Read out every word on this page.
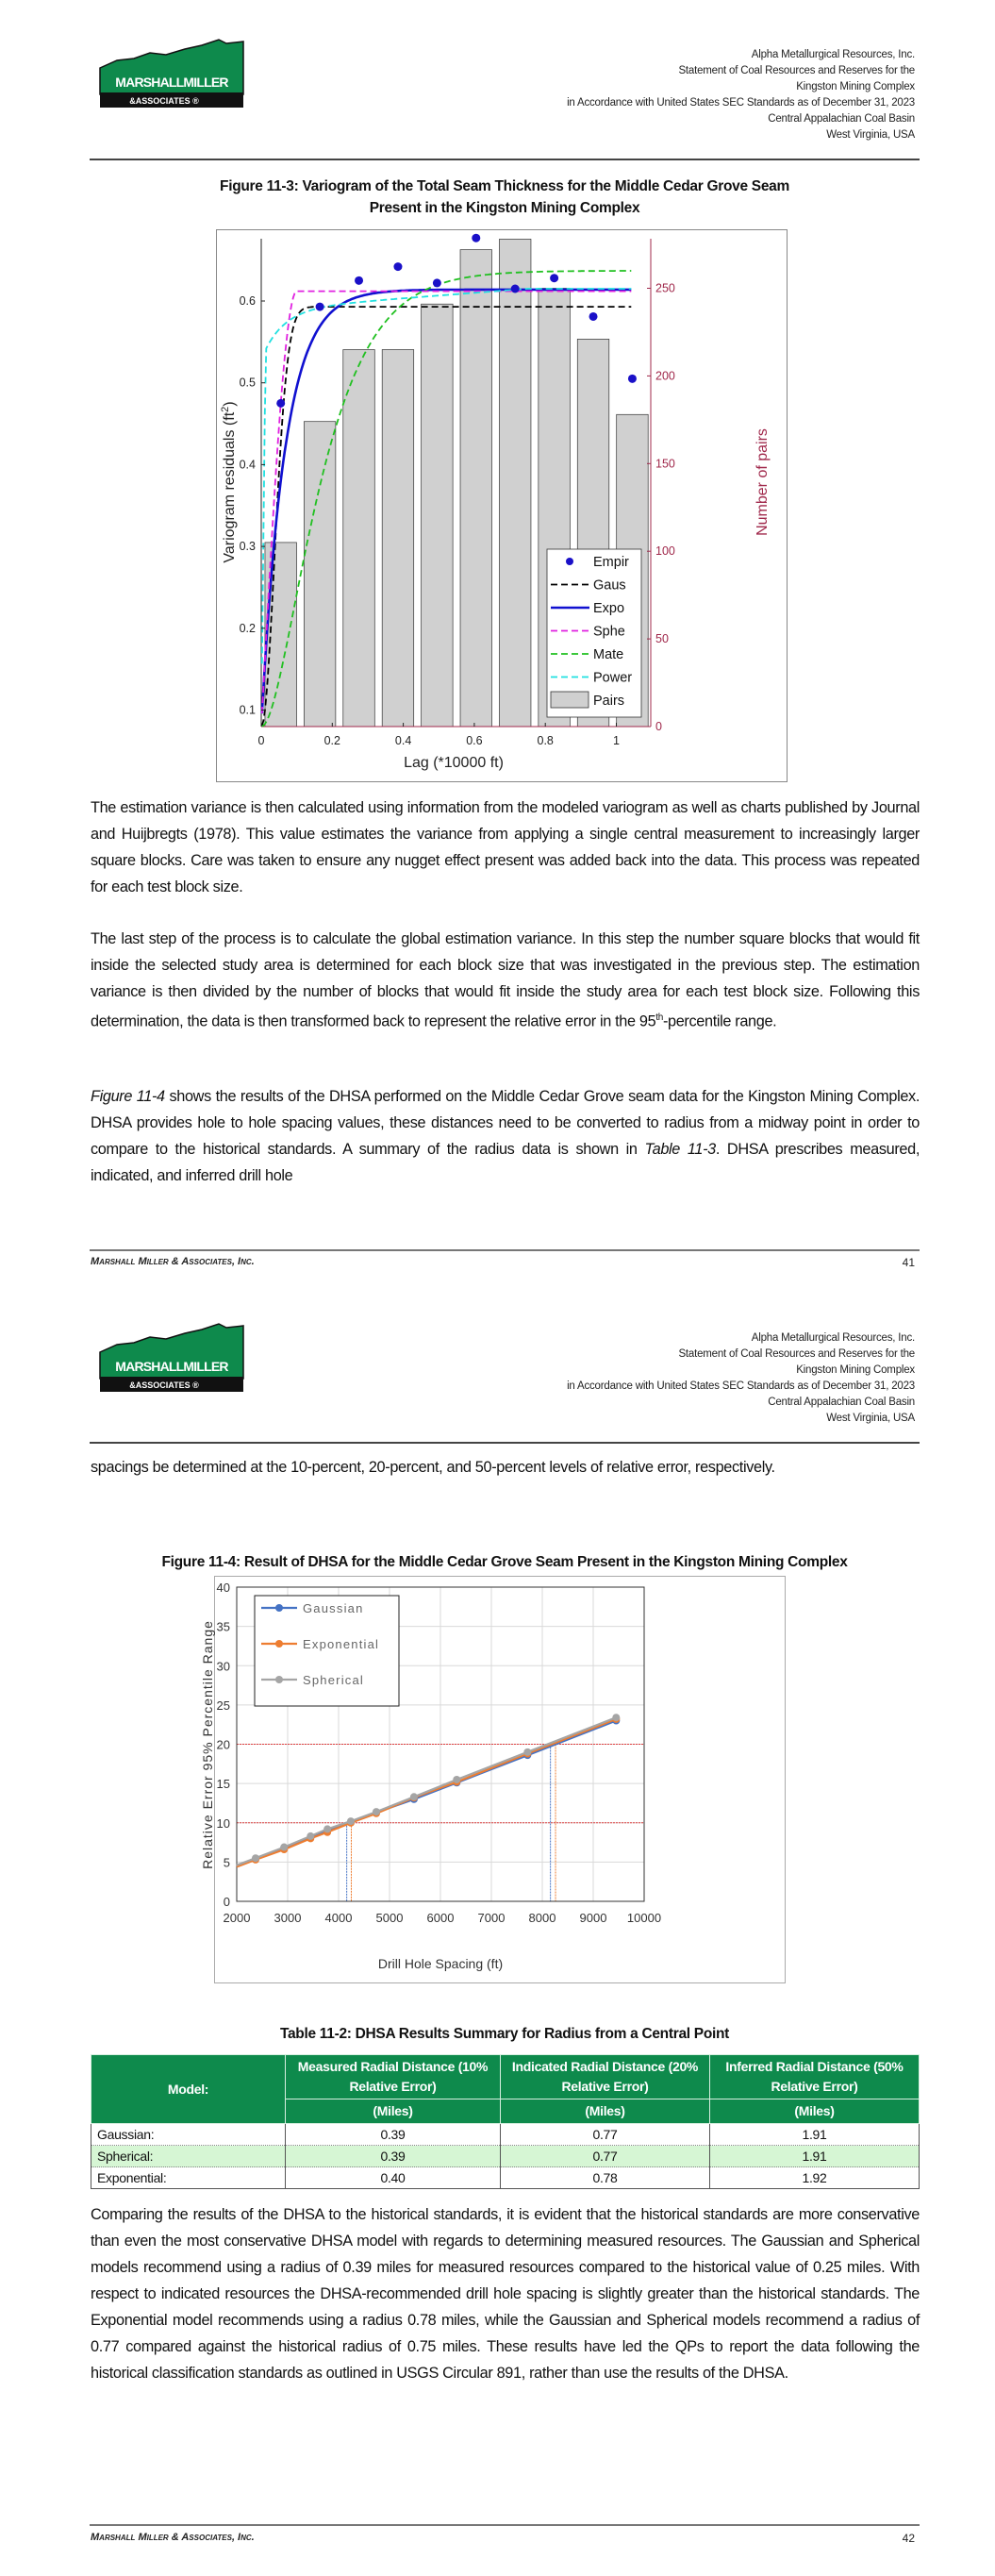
MARSHALLMILLER
&ASSOCIATES ®
Alpha Metallurgical Resources, Inc.
Statement of Coal Resources and Reserves for the
Kingston Mining Complex
in Accordance with United States SEC Standards as of December 31, 2023
Central Appalachian Coal Basin
West Virginia, USA
Figure 11-3: Variogram of the Total Seam Thickness for the Middle Cedar Grove Seam
Present in the Kingston Mining Complex
0	0.2	0.4	0.6	0.8	1
0.1
0.2
0.3
0.4
0.5
0.6
0
50
100
150
200
250
Lag (*10000 ft)
Variogram residuals $(ft^2)$
Number of pairs
Empir
Gaus
Expo
Sphe
Mate
Power
Pairs
The estimation variance is then calculated using information from the modeled variogram as well as charts published by Journal and Huijbregts (1978). This value estimates the variance from applying a single central measurement to increasingly larger square blocks. Care was taken to ensure any nugget effect present was added back into the data. This process was repeated for each test block size.
The last step of the process is to calculate the global estimation variance. In this step the number square blocks that would fit inside the selected study area is determined for each block size that was investigated in the previous step. The estimation variance is then divided by the number of blocks that would fit inside the study area for each test block size. Following this determination, the data is then transformed back to represent the relative error in the 95th-percentile range.
Figure 11-4 shows the results of the DHSA performed on the Middle Cedar Grove seam data for the Kingston Mining Complex. DHSA provides hole to hole spacing values, these distances need to be converted to radius from a midway point in order to compare to the historical standards. A summary of the radius data is shown in Table 11-3. DHSA prescribes measured, indicated, and inferred drill hole
Marshall Miller & Associates, Inc.	41
MARSHALLMILLER
&ASSOCIATES ®
Alpha Metallurgical Resources, Inc.
Statement of Coal Resources and Reserves for the
Kingston Mining Complex
in Accordance with United States SEC Standards as of December 31, 2023
Central Appalachian Coal Basin
West Virginia, USA
spacings be determined at the 10-percent, 20-percent, and 50-percent levels of relative error, respectively.
Figure 11-4: Result of DHSA for the Middle Cedar Grove Seam Present in the Kingston Mining Complex
2000 3000 4000 5000 6000 7000 8000 9000 10000
0
5
10
15
20
25
30
35
40
Drill Hole Spacing (ft)
Relative Error 95% Percentile Range
Gaussian
Exponential
Spherical
Table 11-2: DHSA Results Summary for Radius from a Central Point
Model:	Measured Radial Distance (10% Relative Error)	Indicated Radial Distance (20% Relative Error)	Inferred Radial Distance (50% Relative Error)
	(Miles)	(Miles)	(Miles)
Gaussian:	0.39	0.77	1.91
Spherical:	0.39	0.77	1.91
Exponential:	0.40	0.78	1.92
Comparing the results of the DHSA to the historical standards, it is evident that the historical standards are more conservative than even the most conservative DHSA model with regards to determining measured resources. The Gaussian and Spherical models recommend using a radius of 0.39 miles for measured resources compared to the historical value of 0.25 miles. With respect to indicated resources the DHSA-recommended drill hole spacing is slightly greater than the historical standards. The Exponential model recommends using a radius 0.78 miles, while the Gaussian and Spherical models recommend a radius of 0.77 compared against the historical radius of 0.75 miles. These results have led the QPs to report the data following the historical classification standards as outlined in USGS Circular 891, rather than use the results of the DHSA.
Marshall Miller & Associates, Inc.	42
